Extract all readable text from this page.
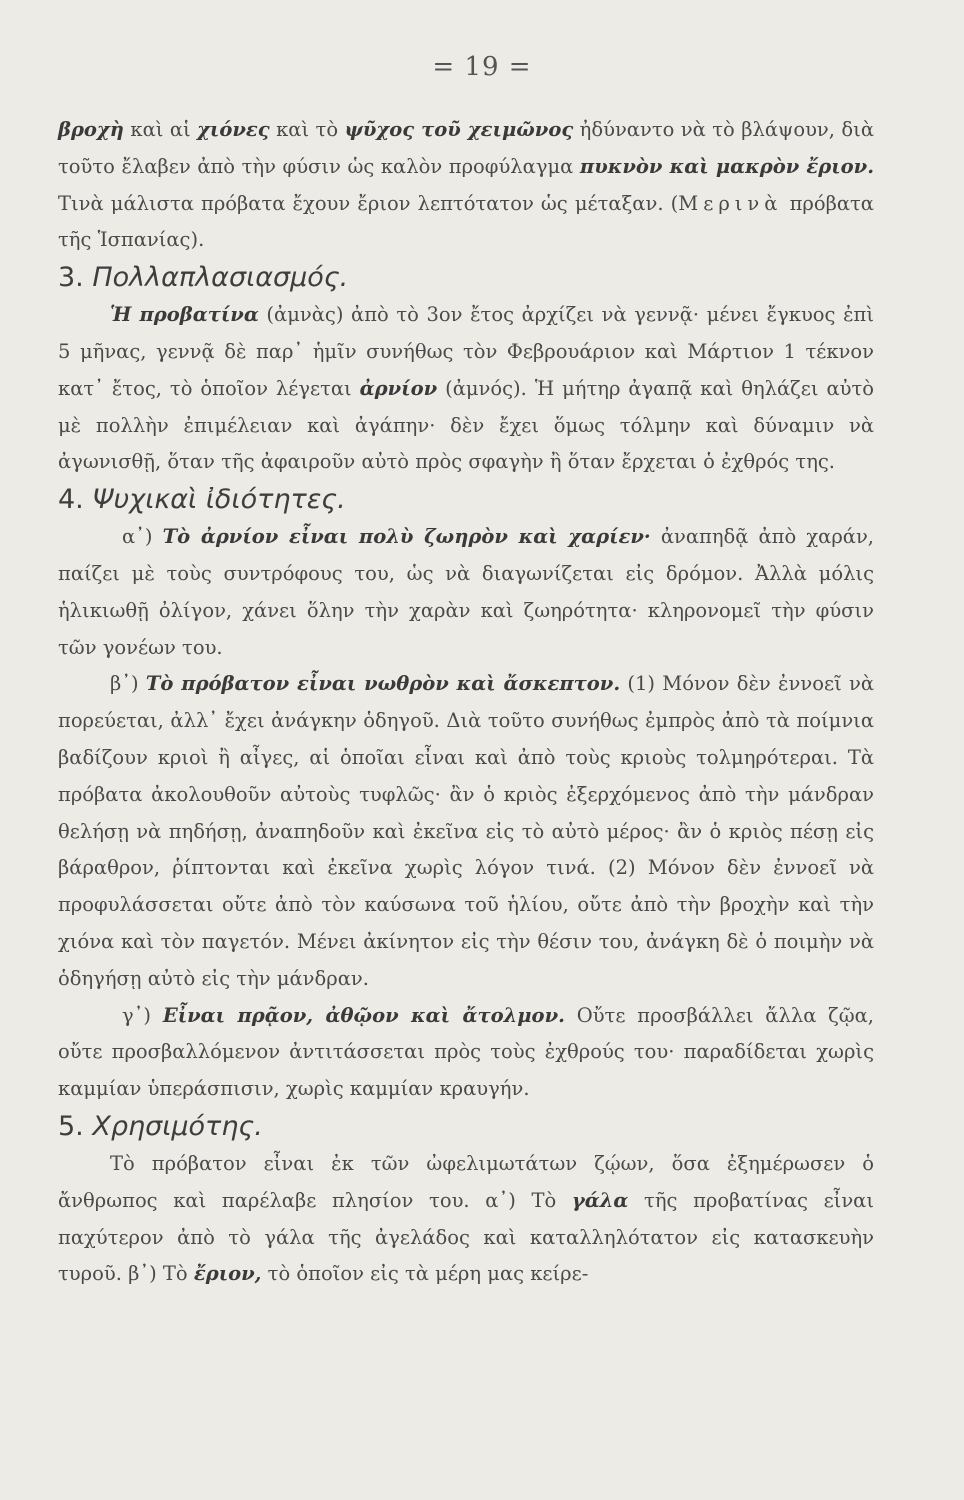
= 19 =

βροχὴ καὶ αἱ χιόνες καὶ τὸ ψῦχος τοῦ χειμῶνος ἠδύναντο νὰ τὸ βλάψουν, διὰ τοῦτο ἔλαβεν ἀπὸ τὴν φύσιν ὡς καλὸν προφύλαγμα πυκνὸν καὶ μακρὸν ἔριον. Τινὰ μάλιστα πρόβατα ἔχουν ἔριον λεπτότατον ὡς μέταξαν. (Μερινὰ πρόβατα τῆς Ἱσπανίας).

3. Πολλαπλασιασμός.

Ἡ προβατίνα (ἀμνὰς) ἀπὸ τὸ 3ον ἔτος ἀρχίζει νὰ γεννᾷ· μένει ἔγκυος ἐπὶ 5 μῆνας, γεννᾷ δὲ παρ᾽ ἡμῖν συνήθως τὸν Φεβρουάριον καὶ Μάρτιον 1 τέκνον κατ᾽ ἔτος, τὸ ὁποῖον λέγεται ἀρνίον (ἀμνός). Ἡ μήτηρ ἀγαπᾷ καὶ θηλάζει αὐτὸ μὲ πολλὴν ἐπιμέλειαν καὶ ἀγάπην· δὲν ἔχει ὅμως τόλμην καὶ δύναμιν νὰ ἀγωνισθῇ, ὅταν τῆς ἀφαιροῦν αὐτὸ πρὸς σφαγὴν ἢ ὅταν ἔρχεται ὁ ἐχθρός της.

4. Ψυχικαὶ ἰδιότητες.

α᾽) Τὸ ἀρνίον εἶναι πολὺ ζωηρὸν καὶ χαρίεν· ἀναπηδᾷ ἀπὸ χαράν, παίζει μὲ τοὺς συντρόφους του, ὡς νὰ διαγωνίζεται εἰς δρόμον. Ἀλλὰ μόλις ἡλικιωθῇ ὀλίγον, χάνει ὅλην τὴν χαρὰν καὶ ζωηρότητα· κληρονομεῖ τὴν φύσιν τῶν γονέων του.

β᾽) Τὸ πρόβατον εἶναι νωθρὸν καὶ ἄσκεπτον. (1) Μόνον δὲν ἐννοεῖ νὰ πορεύεται, ἀλλ᾽ ἔχει ἀνάγκην ὁδηγοῦ. Διὰ τοῦτο συνήθως ἐμπρὸς ἀπὸ τὰ ποίμνια βαδίζουν κριοὶ ἢ αἶγες, αἱ ὁποῖαι εἶναι καὶ ἀπὸ τοὺς κριοὺς τολμηρότεραι. Τὰ πρόβατα ἀκολουθοῦν αὐτοὺς τυφλῶς· ἂν ὁ κριὸς ἐξερχόμενος ἀπὸ τὴν μάνδραν θελήσῃ νὰ πηδήσῃ, ἀναπηδοῦν καὶ ἐκεῖνα εἰς τὸ αὐτὸ μέρος· ἂν ὁ κριὸς πέσῃ εἰς βάραθρον, ῥίπτονται καὶ ἐκεῖνα χωρὶς λόγον τινά. (2) Μόνον δὲν ἐννοεῖ νὰ προφυλάσσεται οὔτε ἀπὸ τὸν καύσωνα τοῦ ἡλίου, οὔτε ἀπὸ τὴν βροχὴν καὶ τὴν χιόνα καὶ τὸν παγετόν. Μένει ἀκίνητον εἰς τὴν θέσιν του, ἀνάγκη δὲ ὁ ποιμὴν νὰ ὁδηγήσῃ αὐτὸ εἰς τὴν μάνδραν.

γ᾽) Εἶναι πρᾷον, ἀθῷον καὶ ἄτολμον. Οὔτε προσβάλλει ἄλλα ζῷα, οὔτε προσβαλλόμενον ἀντιτάσσεται πρὸς τοὺς ἐχθρούς του· παραδίδεται χωρὶς καμμίαν ὑπεράσπισιν, χωρὶς καμμίαν κραυγήν.

5. Χρησιμότης.

Τὸ πρόβατον εἶναι ἐκ τῶν ὠφελιμωτάτων ζῴων, ὅσα ἐξημέρωσεν ὁ ἄνθρωπος καὶ παρέλαβε πλησίον του. α᾽) Τὸ γάλα τῆς προβατίνας εἶναι παχύτερον ἀπὸ τὸ γάλα τῆς ἀγελάδος καὶ καταλληλότατον εἰς κατασκευὴν τυροῦ. β᾽) Τὸ ἔριον, τὸ ὁποῖον εἰς τὰ μέρη μας κείρε-
